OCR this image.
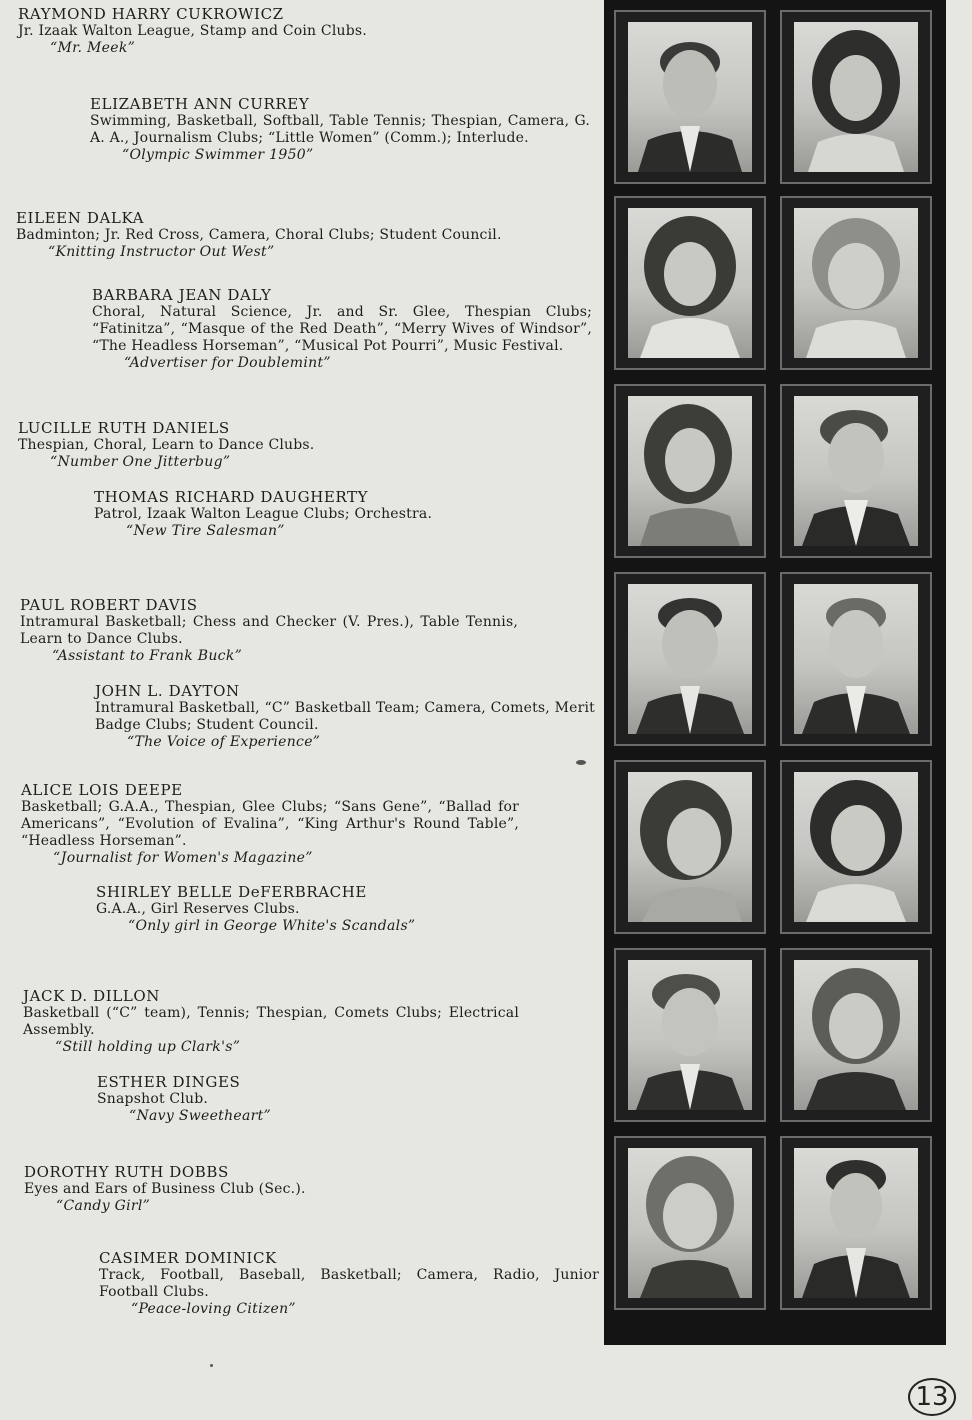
RAYMOND HARRY CUKROWICZ
Jr. Izaak Walton League, Stamp and Coin Clubs.
“Mr. Meek”
ELIZABETH ANN CURREY
Swimming, Basketball, Softball, Table Tennis; Thespian, Camera, G. A. A., Journalism Clubs; “Little Women” (Comm.); Interlude.
“Olympic Swimmer 1950”
EILEEN DALKA
Badminton; Jr. Red Cross, Camera, Choral Clubs; Student Council.
“Knitting Instructor Out West”
BARBARA JEAN DALY
Choral, Natural Science, Jr. and Sr. Glee, Thespian Clubs; “Fatinitza”, “Masque of the Red Death”, “Merry Wives of Windsor”, “The Headless Horseman”, “Musical Pot Pourri”, Music Festival.
“Advertiser for Doublemint”
LUCILLE RUTH DANIELS
Thespian, Choral, Learn to Dance Clubs.
“Number One Jitterbug”
THOMAS RICHARD DAUGHERTY
Patrol, Izaak Walton League Clubs; Orchestra.
“New Tire Salesman”
PAUL ROBERT DAVIS
Intramural Basketball; Chess and Checker (V. Pres.), Table Tennis, Learn to Dance Clubs.
“Assistant to Frank Buck”
JOHN L. DAYTON
Intramural Basketball, “C” Basketball Team; Camera, Comets, Merit Badge Clubs; Student Council.
“The Voice of Experience”
ALICE LOIS DEEPE
Basketball; G.A.A., Thespian, Glee Clubs; “Sans Gene”, “Ballad for Americans”, “Evolution of Evalina”, “King Arthur's Round Table”, “Headless Horseman”.
“Journalist for Women's Magazine”
SHIRLEY BELLE DeFERBRACHE
G.A.A., Girl Reserves Clubs.
“Only girl in George White's Scandals”
JACK D. DILLON
Basketball (“C” team), Tennis; Thespian, Comets Clubs; Electrical Assembly.
“Still holding up Clark's”
ESTHER DINGES
Snapshot Club.
“Navy Sweetheart”
DOROTHY RUTH DOBBS
Eyes and Ears of Business Club (Sec.).
“Candy Girl”
CASIMER DOMINICK
Track, Football, Baseball, Basketball; Camera, Radio, Junior Football Clubs.
“Peace-loving Citizen”
13
